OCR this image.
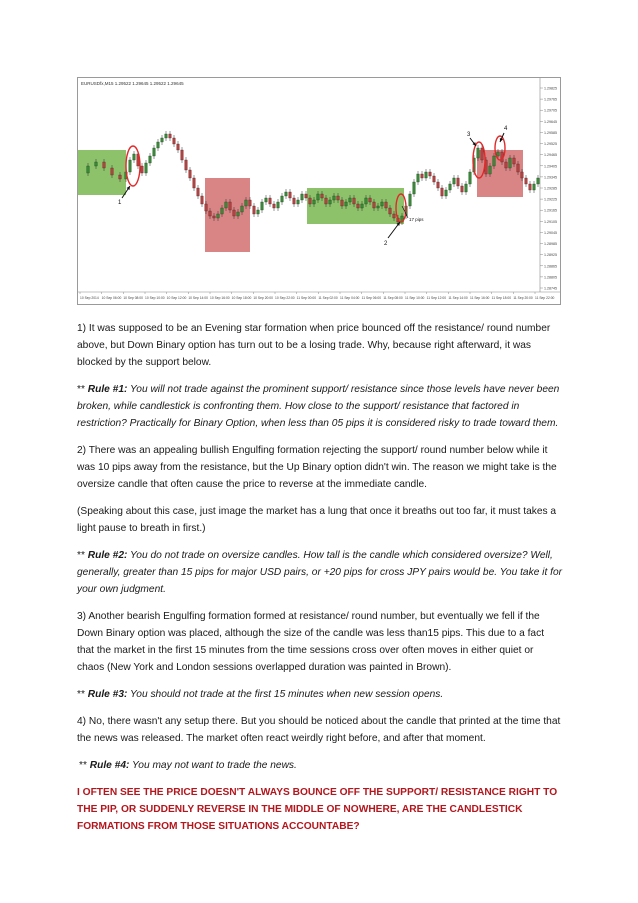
EURUSDfx,M15 1.29522 1.29645 1.29522 1.29645
1
2
3
4
17 pips
1.29825
1.29765
1.29705
1.29645
1.29585
1.29525
1.29465
1.29405
1.29345
1.29285
1.29225
1.29165
1.29105
1.29045
1.28985
1.28925
1.28865
1.28805
1.28745
10 Sep 2014 10 Sep 06:00 10 Sep 08:00 10 Sep 10:00 10 Sep 12:00 10 Sep 14:00 10 Sep 16:00 10 Sep 18:00 10 Sep 20:00 10 Sep 22:00 11 Sep 00:00 11 Sep 02:00 11 Sep 04:00 11 Sep 06:00 11 Sep 08:00 11 Sep 10:00 11 Sep 12:00 11 Sep 14:00 11 Sep 16:00 11 Sep 18:00 11 Sep 20:00 11 Sep 22:00

1) It was supposed to be an Evening star formation when price bounced off the resistance/ round number above, but Down Binary option has turn out to be a losing trade. Why, because right afterward, it was blocked by the support below.

** Rule #1: You will not trade against the prominent support/ resistance since those levels have never been broken, while candlestick is confronting them. How close to the support/ resistance that factored in restriction? Practically for Binary Option, when less than 05 pips it is considered risky to trade toward them.

2) There was an appealing bullish Engulfing formation rejecting the support/ round number below while it was 10 pips away from the resistance, but the Up Binary option didn't win. The reason we might take is the oversize candle that often cause the price to reverse at the immediate candle.

(Speaking about this case, just image the market has a lung that once it breaths out too far, it must takes a light pause to breath in first.)

** Rule #2: You do not trade on oversize candles. How tall is the candle which considered oversize? Well, generally, greater than 15 pips for major USD pairs, or +20 pips for cross JPY pairs would be. You take it for your own judgment.

3) Another bearish Engulfing formation formed at resistance/ round number, but eventually we fell if the Down Binary option was placed, although the size of the candle was less than15 pips. This due to a fact that the market in the first 15 minutes from the time sessions cross over often moves in either quiet or chaos (New York and London sessions overlapped duration was painted in Brown).

** Rule #3: You should not trade at the first 15 minutes when new session opens.

4) No, there wasn't any setup there. But you should be noticed about the candle that printed at the time that the news was released. The market often react weirdly right before, and after that moment.

** Rule #4: You may not want to trade the news.

I OFTEN SEE THE PRICE DOESN'T ALWAYS BOUNCE OFF THE SUPPORT/ RESISTANCE RIGHT TO THE PIP, OR SUDDENLY REVERSE IN THE MIDDLE OF NOWHERE, ARE THE CANDLESTICK FORMATIONS FROM THOSE SITUATIONS ACCOUNTABE?
